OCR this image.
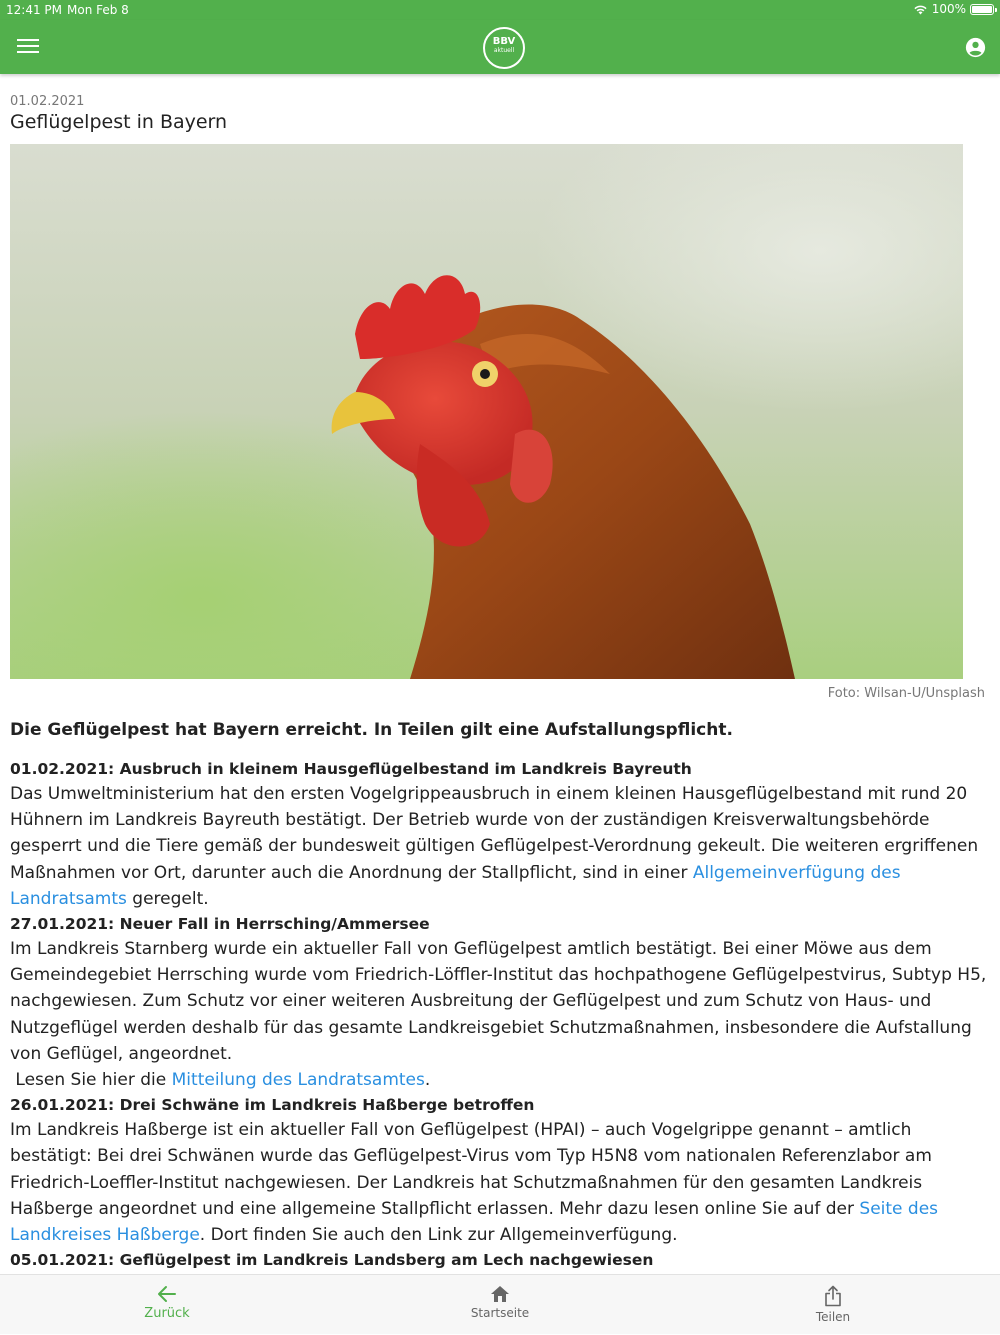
12:41 PM Mon Feb 8	100%
BBV
aktuell
01.02.2021
Geflügelpest in Bayern
Foto: Wilsan-U/Unsplash
Die Geflügelpest hat Bayern erreicht. In Teilen gilt eine Aufstallungspflicht.
01.02.2021: Ausbruch in kleinem Hausgeflügelbestand im Landkreis Bayreuth

Das Umweltministerium hat den ersten Vogelgrippeausbruch in einem kleinen Hausgeflügelbestand mit rund 20 Hühnern im Landkreis Bayreuth bestätigt. Der Betrieb wurde von der zuständigen Kreisverwaltungsbehörde gesperrt und die Tiere gemäß der bundesweit gültigen Geflügelpest-Verordnung gekeult. Die weiteren ergriffenen Maßnahmen vor Ort, darunter auch die Anordnung der Stallpflicht, sind in einer Allgemeinverfügung des Landratsamts geregelt.

27.01.2021: Neuer Fall in Herrsching/Ammersee

Im Landkreis Starnberg wurde ein aktueller Fall von Geflügelpest amtlich bestätigt. Bei einer Möwe aus dem Gemeindegebiet Herrsching wurde vom Friedrich-Löffler-Institut das hochpathogene Geflügelpestvirus, Subtyp H5, nachgewiesen. Zum Schutz vor einer weiteren Ausbreitung der Geflügelpest und zum Schutz von Haus- und Nutzgeflügel werden deshalb für das gesamte Landkreisgebiet Schutzmaßnahmen, insbesondere die Aufstallung von Geflügel, angeordnet.

Lesen Sie hier die Mitteilung des Landratsamtes.

26.01.2021: Drei Schwäne im Landkreis Haßberge betroffen

Im Landkreis Haßberge ist ein aktueller Fall von Geflügelpest (HPAI) – auch Vogelgrippe genannt – amtlich bestätigt: Bei drei Schwänen wurde das Geflügelpest-Virus vom Typ H5N8 vom nationalen Referenzlabor am Friedrich-Loeffler-Institut nachgewiesen. Der Landkreis hat Schutzmaßnahmen für den gesamten Landkreis Haßberge angeordnet und eine allgemeine Stallpflicht erlassen. Mehr dazu lesen online Sie auf der Seite des Landkreises Haßberge. Dort finden Sie auch den Link zur Allgemeinverfügung.

05.01.2021: Geflügelpest im Landkreis Landsberg am Lech nachgewiesen

Zurück	Startseite	Teilen
